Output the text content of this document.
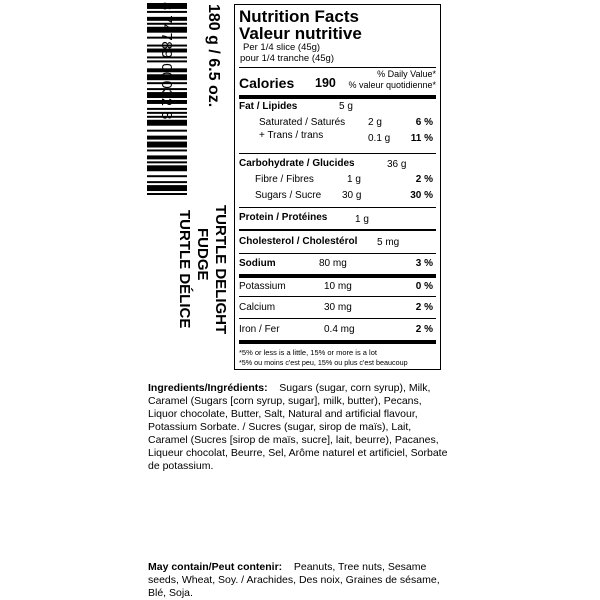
8 74789 00032 8 180 g / 6.5 oz.
TURTLE DELIGHT
FUDGE
TURTLE DÉLICE
Nutrition Facts
Valeur nutritive
Per 1/4 slice (45g)
pour 1/4 tranche (45g)
Calories 190
% Daily Value*
% valeur quotidienne*
Fat / Lipides	5 g
Saturated / Saturés 2 g	6 %
+ Trans / trans	0.1 g 11 %
Carbohydrate / Glucides	36 g
Fibre / Fibres	1 g	2 %
Sugars / Sucre 30 g	30 %
Protein / Protéines	1 g
Cholesterol / Cholestérol 5 mg
Sodium	80 mg	3 %
Potassium	10 mg	0 %
Calcium	30 mg	2 %
Iron / Fer	0.4 mg	2 %
*5% or less is a little, 15% or more is a lot
*5% ou moins c'est peu, 15% ou plus c'est beaucoup
Ingredients/Ingrédients: Sugars (sugar, corn syrup), Milk, Caramel (Sugars [corn syrup, sugar], milk, butter), Pecans, Liquor chocolate, Butter, Salt, Natural and artificial flavour, Potassium Sorbate. / Sucres (sugar, sirop de maïs), Lait, Caramel (Sucres [sirop de maïs, sucre], lait, beurre), Pacanes, Liqueur chocolat, Beurre, Sel, Arôme naturel et artificiel, Sorbate de potassium.
May contain/Peut contenir: Peanuts, Tree nuts, Sesame seeds, Wheat, Soy. / Arachides, Des noix, Graines de sésame, Blé, Soja.
